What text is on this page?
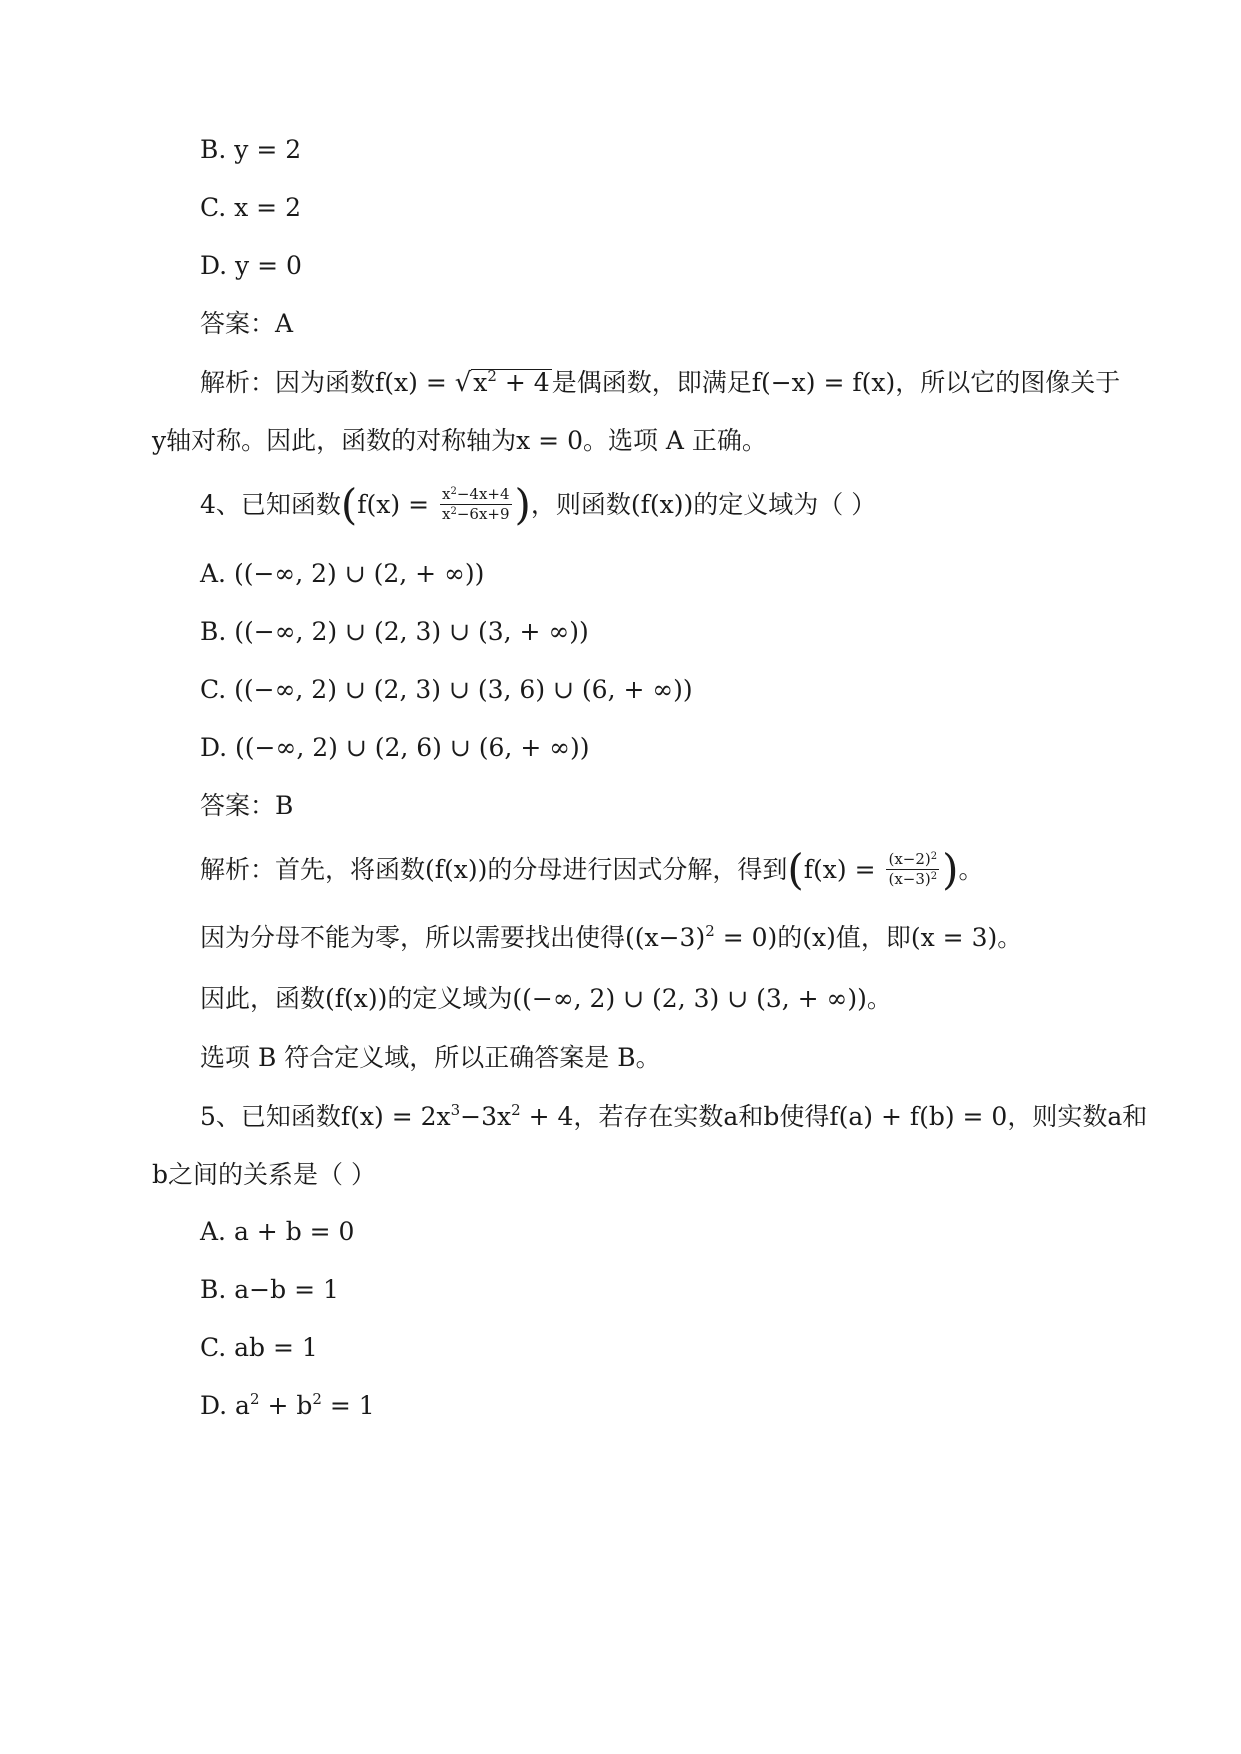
B. y = 2
C. x = 2
D. y = 0
答案：A
解析：因为函数$f(x) = √x^2 + 4$是偶函数，即满足f(−x) = f(x)，所以它的图像关于
y轴对称。因此，函数的对称轴为x = 0。选项 A 正确。
4、已知函数($f(x) = \frac{x^2-4x+4}{x^2-6x+9}$ )，则函数(f(x))的定义域为（ ）
A. ((−∞, 2) ∪ (2, + ∞))
B. ((−∞, 2) ∪ (2, 3) ∪ (3, + ∞))
C. ((−∞, 2) ∪ (2, 3) ∪ (3, 6) ∪ (6, + ∞))
D. ((−∞, 2) ∪ (2, 6) ∪ (6, + ∞))
答案：B
解析：首先，将函数(f(x))的分母进行因式分解，得到($f(x) = \frac{(x-2)^2}{(x-3)^2}$ )。
因为分母不能为零，所以需要找出使得$((x-3)^2 = 0)$的(x)值，即(x = 3)。
因此，函数(f(x))的定义域为((−∞, 2) ∪ (2, 3) ∪ (3, + ∞))。
选项 B 符合定义域，所以正确答案是 B。
5、已知函数$f(x) = 2x^3-3x^2 + 4$，若存在实数a和b使得f(a) + f(b) = 0，则实数a和
b之间的关系是（ ）
A. a + b = 0
B. a−b = 1
C. ab = 1
D. $a^2 + b^2 = 1$
